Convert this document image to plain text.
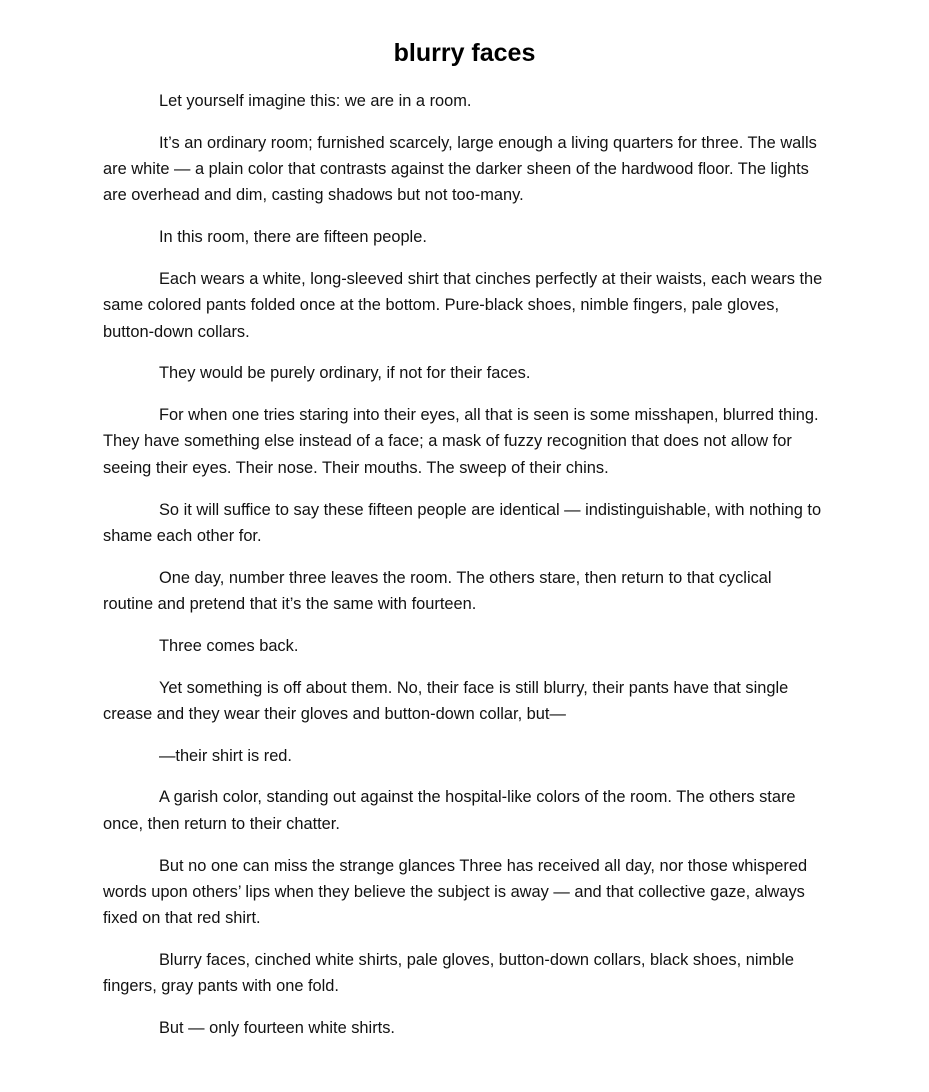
blurry faces

Let yourself imagine this: we are in a room.

It’s an ordinary room; furnished scarcely, large enough a living quarters for three. The walls are white — a plain color that contrasts against the darker sheen of the hardwood floor. The lights are overhead and dim, casting shadows but not too-many.

In this room, there are fifteen people.

Each wears a white, long-sleeved shirt that cinches perfectly at their waists, each wears the same colored pants folded once at the bottom. Pure-black shoes, nimble fingers, pale gloves, button-down collars.

They would be purely ordinary, if not for their faces.

For when one tries staring into their eyes, all that is seen is some misshapen, blurred thing. They have something else instead of a face; a mask of fuzzy recognition that does not allow for seeing their eyes. Their nose. Their mouths. The sweep of their chins.

So it will suffice to say these fifteen people are identical — indistinguishable, with nothing to shame each other for.

One day, number three leaves the room. The others stare, then return to that cyclical routine and pretend that it’s the same with fourteen.

Three comes back.

Yet something is off about them. No, their face is still blurry, their pants have that single crease and they wear their gloves and button-down collar, but—

—their shirt is red.

A garish color, standing out against the hospital-like colors of the room. The others stare once, then return to their chatter.

But no one can miss the strange glances Three has received all day, nor those whispered words upon others’ lips when they believe the subject is away — and that collective gaze, always fixed on that red shirt.

Blurry faces, cinched white shirts, pale gloves, button-down collars, black shoes, nimble fingers, gray pants with one fold.

But — only fourteen white shirts.
